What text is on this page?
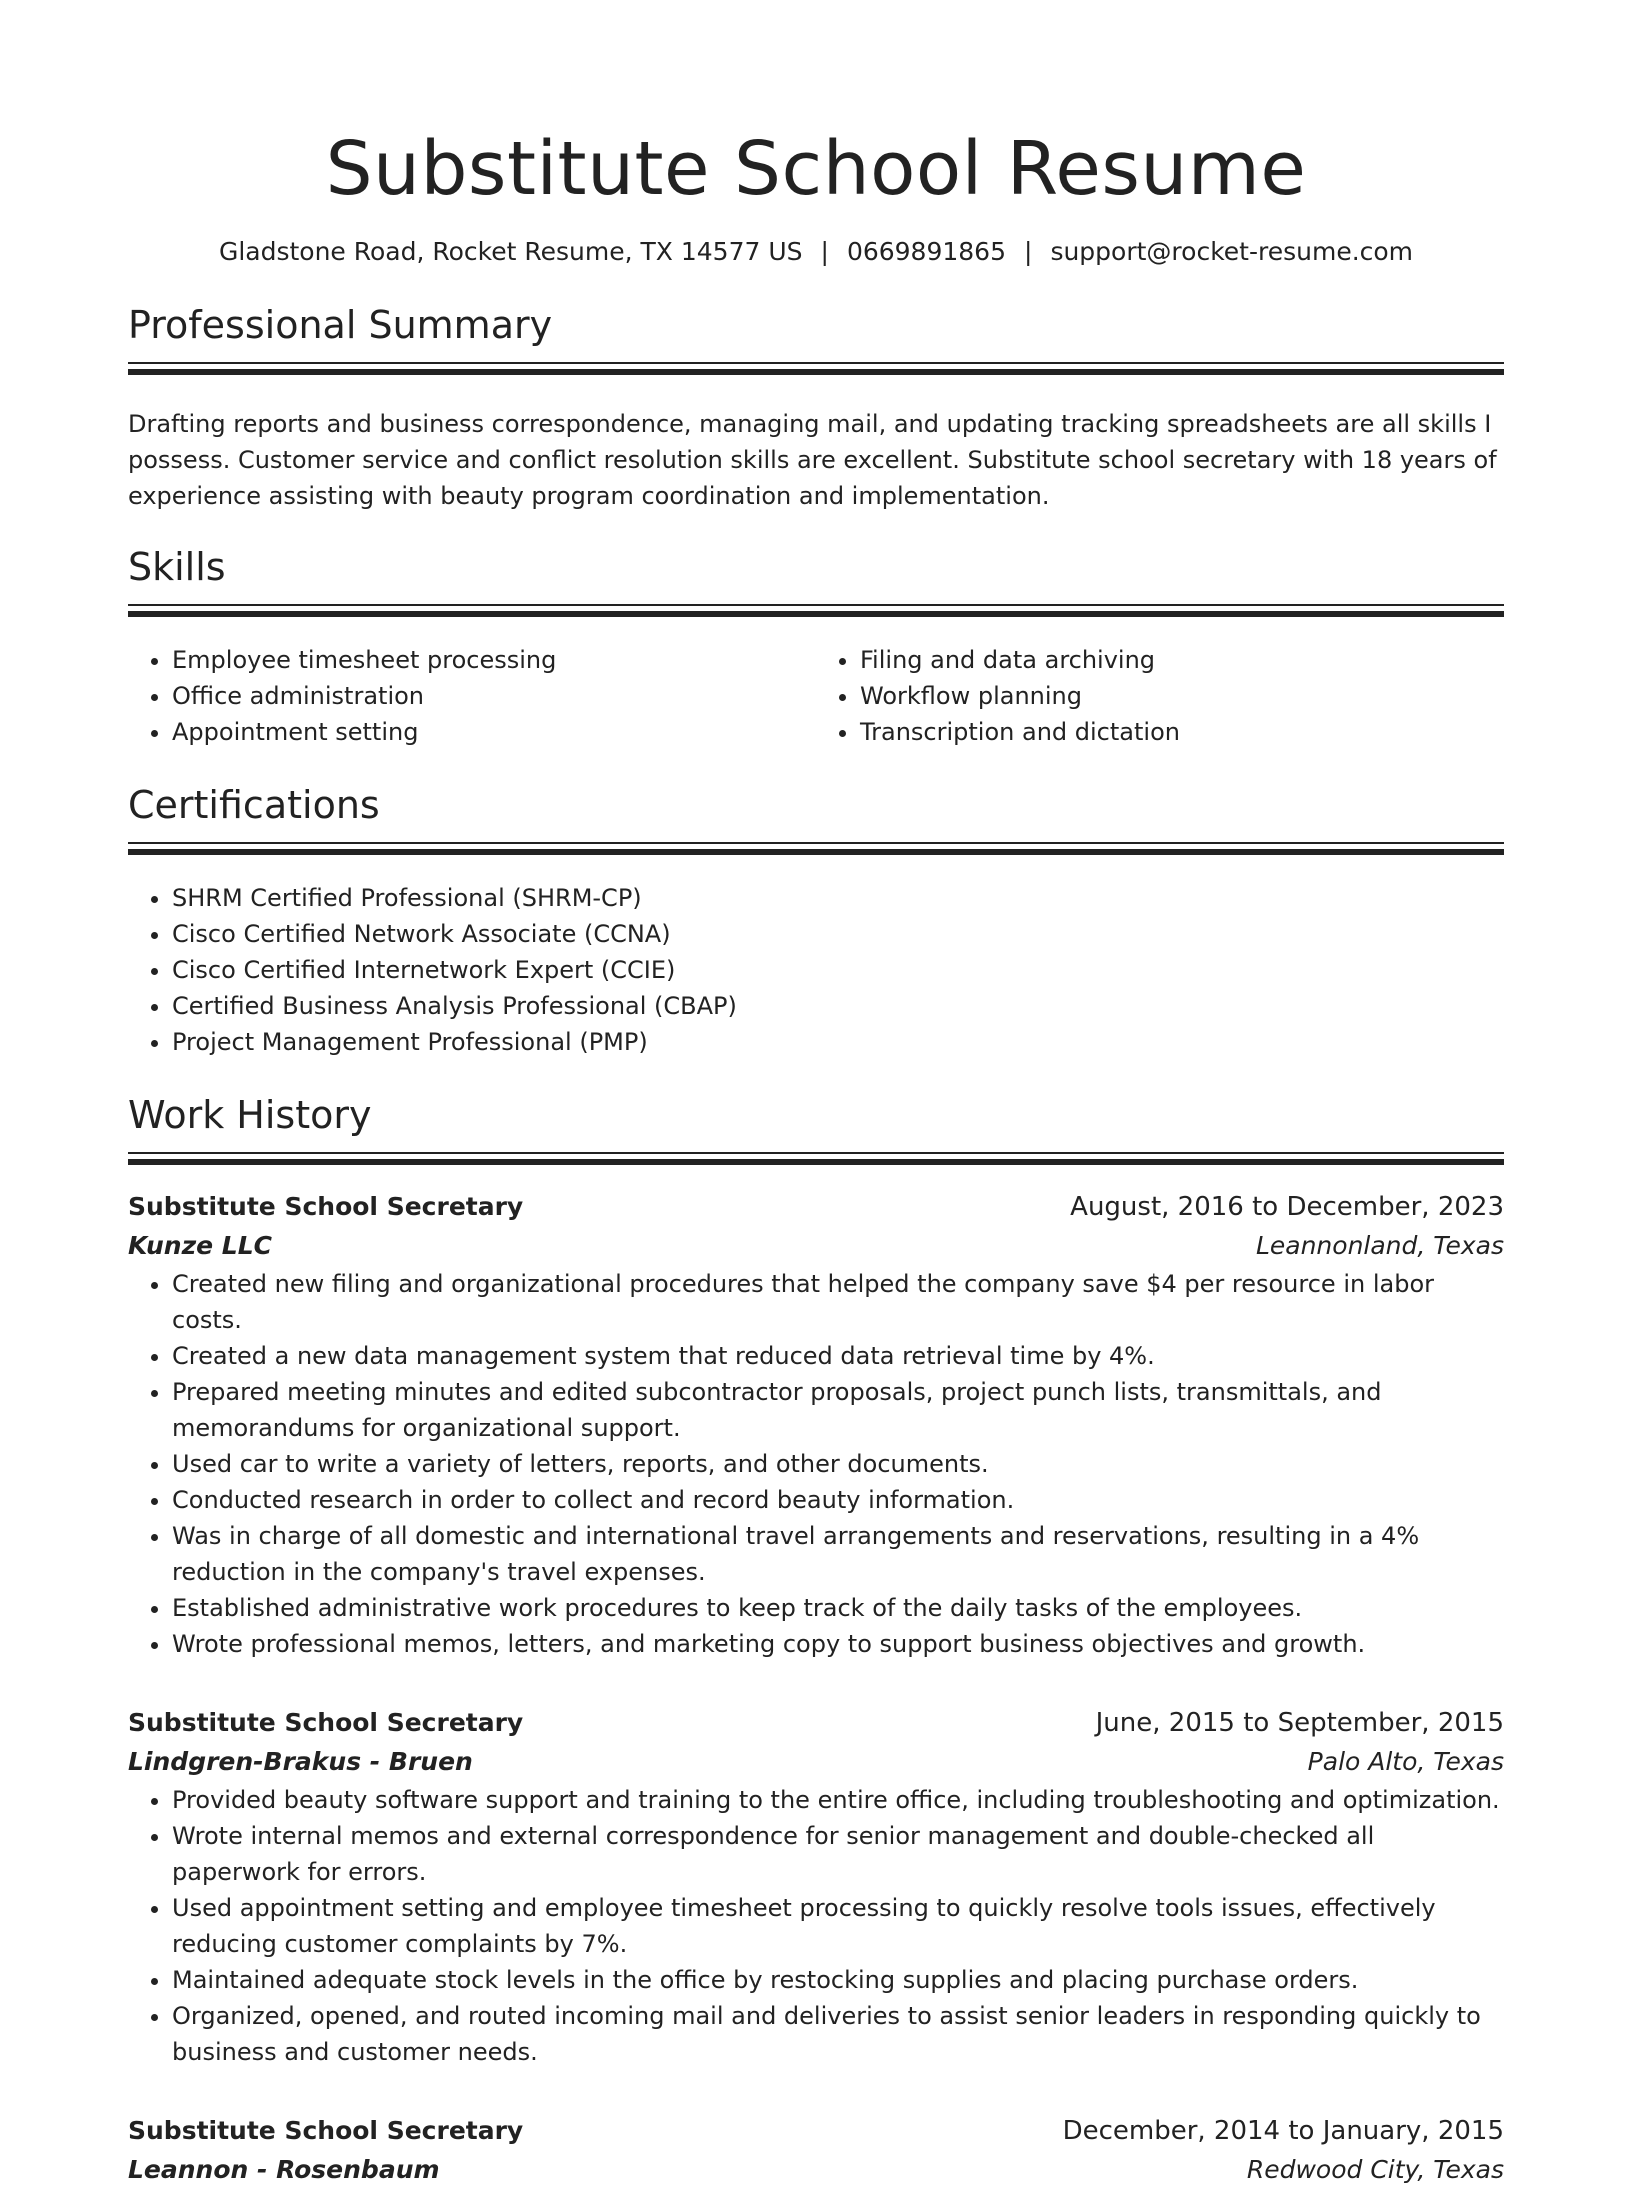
Substitute School Resume
Gladstone Road, Rocket Resume, TX 14577 US | 0669891865 | support@rocket-resume.com
Professional Summary

Drafting reports and business correspondence, managing mail, and updating tracking spreadsheets are all skills I possess. Customer service and conflict resolution skills are excellent. Substitute school secretary with 18 years of experience assisting with beauty program coordination and implementation.

Skills
• Employee timesheet processing
• Office administration
• Appointment setting
• Filing and data archiving
• Workflow planning
• Transcription and dictation
Certifications
• SHRM Certified Professional (SHRM-CP)
• Cisco Certified Network Associate (CCNA)
• Cisco Certified Internetwork Expert (CCIE)
• Certified Business Analysis Professional (CBAP)
• Project Management Professional (PMP)
Work History
Substitute School Secretary	August, 2016 to December, 2023
Kunze LLC	Leannonland, Texas
• Created new filing and organizational procedures that helped the company save $4 per resource in labor costs.
• Created a new data management system that reduced data retrieval time by 4%.
• Prepared meeting minutes and edited subcontractor proposals, project punch lists, transmittals, and memorandums for organizational support.
• Used car to write a variety of letters, reports, and other documents.
• Conducted research in order to collect and record beauty information.
• Was in charge of all domestic and international travel arrangements and reservations, resulting in a 4% reduction in the company's travel expenses.
• Established administrative work procedures to keep track of the daily tasks of the employees.
• Wrote professional memos, letters, and marketing copy to support business objectives and growth.
Substitute School Secretary	June, 2015 to September, 2015
Lindgren-Brakus - Bruen	Palo Alto, Texas
• Provided beauty software support and training to the entire office, including troubleshooting and optimization.
• Wrote internal memos and external correspondence for senior management and double-checked all paperwork for errors.
• Used appointment setting and employee timesheet processing to quickly resolve tools issues, effectively reducing customer complaints by 7%.
• Maintained adequate stock levels in the office by restocking supplies and placing purchase orders.
• Organized, opened, and routed incoming mail and deliveries to assist senior leaders in responding quickly to business and customer needs.
Substitute School Secretary	December, 2014 to January, 2015
Leannon - Rosenbaum	Redwood City, Texas
